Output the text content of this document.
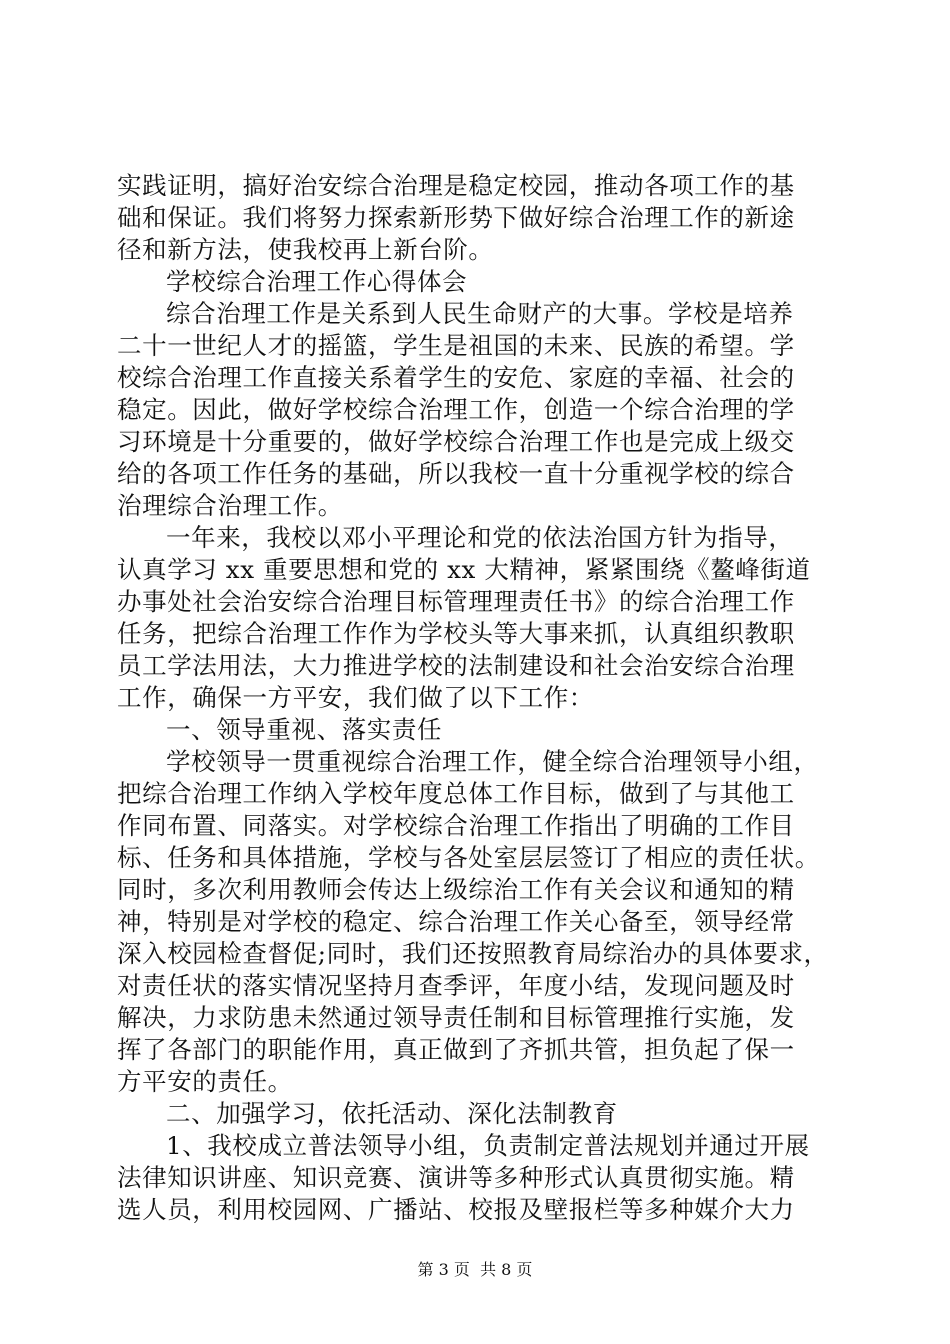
实践证明，搞好治安综合治理是稳定校园，推动各项工作的基
础和保证。我们将努力探索新形势下做好综合治理工作的新途
径和新方法，使我校再上新台阶。
学校综合治理工作心得体会
综合治理工作是关系到人民生命财产的大事。学校是培养
二十一世纪人才的摇篮，学生是祖国的未来、民族的希望。学
校综合治理工作直接关系着学生的安危、家庭的幸福、社会的
稳定。因此，做好学校综合治理工作，创造一个综合治理的学
习环境是十分重要的，做好学校综合治理工作也是完成上级交
给的各项工作任务的基础，所以我校一直十分重视学校的综合
治理综合治理工作。
一年来，我校以邓小平理论和党的依法治国方针为指导，
认真学习 xx 重要思想和党的 xx 大精神，紧紧围绕《鳌峰街道
办事处社会治安综合治理目标管理理责任书》的综合治理工作
任务，把综合治理工作作为学校头等大事来抓，认真组织教职
员工学法用法，大力推进学校的法制建设和社会治安综合治理
工作，确保一方平安，我们做了以下工作：
一、领导重视、落实责任
学校领导一贯重视综合治理工作，健全综合治理领导小组，
把综合治理工作纳入学校年度总体工作目标，做到了与其他工
作同布置、同落实。对学校综合治理工作指出了明确的工作目
标、任务和具体措施，学校与各处室层层签订了相应的责任状。
同时，多次利用教师会传达上级综治工作有关会议和通知的精
神，特别是对学校的稳定、综合治理工作关心备至，领导经常
深入校园检查督促;同时，我们还按照教育局综治办的具体要求，
对责任状的落实情况坚持月查季评，年度小结，发现问题及时
解决，力求防患未然通过领导责任制和目标管理推行实施，发
挥了各部门的职能作用，真正做到了齐抓共管，担负起了保一
方平安的责任。
二、加强学习，依托活动、深化法制教育
1、我校成立普法领导小组，负责制定普法规划并通过开展
法律知识讲座、知识竞赛、演讲等多种形式认真贯彻实施。精
选人员，利用校园网、广播站、校报及壁报栏等多种媒介大力
第 3 页  共 8 页
